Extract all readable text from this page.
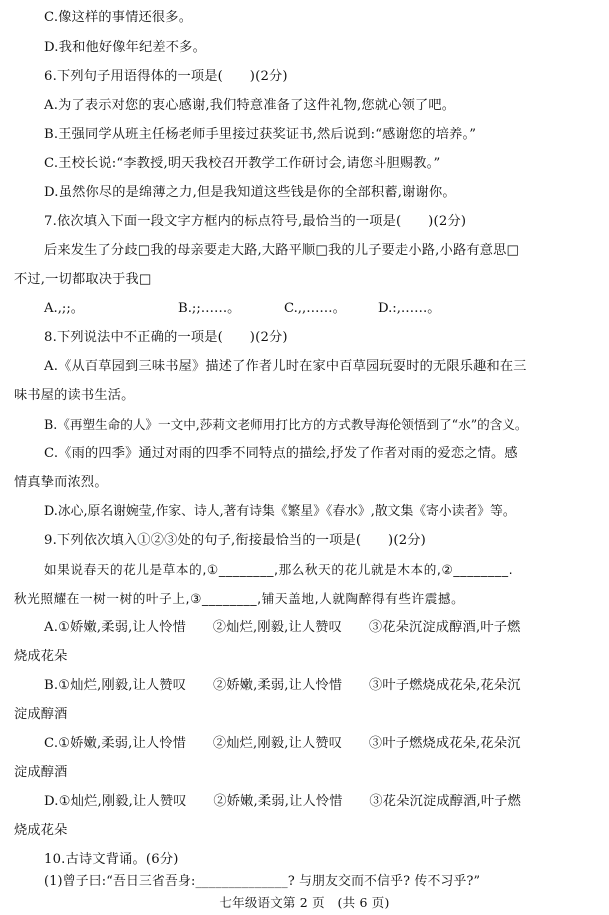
C.像这样的事情还很多。
D.我和他好像年纪差不多。
6.下列句子用语得体的一项是(　　)(2分)
A.为了表示对您的衷心感谢,我们特意准备了这件礼物,您就心领了吧。
B.王强同学从班主任杨老师手里接过获奖证书,然后说到:“感谢您的培养。”
C.王校长说:“李教授,明天我校召开教学工作研讨会,请您斗胆赐教。”
D.虽然你尽的是绵薄之力,但是我知道这些钱是你的全部积蓄,谢谢你。
7.依次填入下面一段文字方框内的标点符号,最恰当的一项是(　　)(2分)
后来发生了分歧□我的母亲要走大路,大路平顺□我的儿子要走小路,小路有意思□
不过,一切都取决于我□
A.,;;。	B.;;……。	C.,,……。 D.:,……。
8.下列说法中不正确的一项是(　　)(2分)
A.《从百草园到三味书屋》描述了作者儿时在家中百草园玩耍时的无限乐趣和在三
味书屋的读书生活。
B.《再塑生命的人》一文中,莎莉文老师用打比方的方式教导海伦领悟到了“水”的含义。
C.《雨的四季》通过对雨的四季不同特点的描绘,抒发了作者对雨的爱恋之情。感
情真挚而浓烈。
D.冰心,原名谢婉莹,作家、诗人,著有诗集《繁星》《春水》,散文集《寄小读者》等。
9.下列依次填入①②③处的句子,衔接最恰当的一项是(　　)(2分)
如果说春天的花儿是草本的,①________,那么秋天的花儿就是木本的,②________.
秋光照耀在一树一树的叶子上,③________,铺天盖地,人就陶醉得有些许震撼。
A.①娇嫩,柔弱,让人怜惜　　②灿烂,刚毅,让人赞叹　　③花朵沉淀成醇酒,叶子燃
烧成花朵
B.①灿烂,刚毅,让人赞叹　　②娇嫩,柔弱,让人怜惜　　③叶子燃烧成花朵,花朵沉
淀成醇酒
C.①娇嫩,柔弱,让人怜惜　　②灿烂,刚毅,让人赞叹　　③叶子燃烧成花朵,花朵沉
淀成醇酒
D.①灿烂,刚毅,让人赞叹　　②娇嫩,柔弱,让人怜惜　　③花朵沉淀成醇酒,叶子燃
烧成花朵
10.古诗文背诵。(6分)
(1)曾子曰:“吾日三省吾身:______________? 与朋友交而不信乎? 传不习乎?”
七年级语文第 2 页　(共 6 页)
